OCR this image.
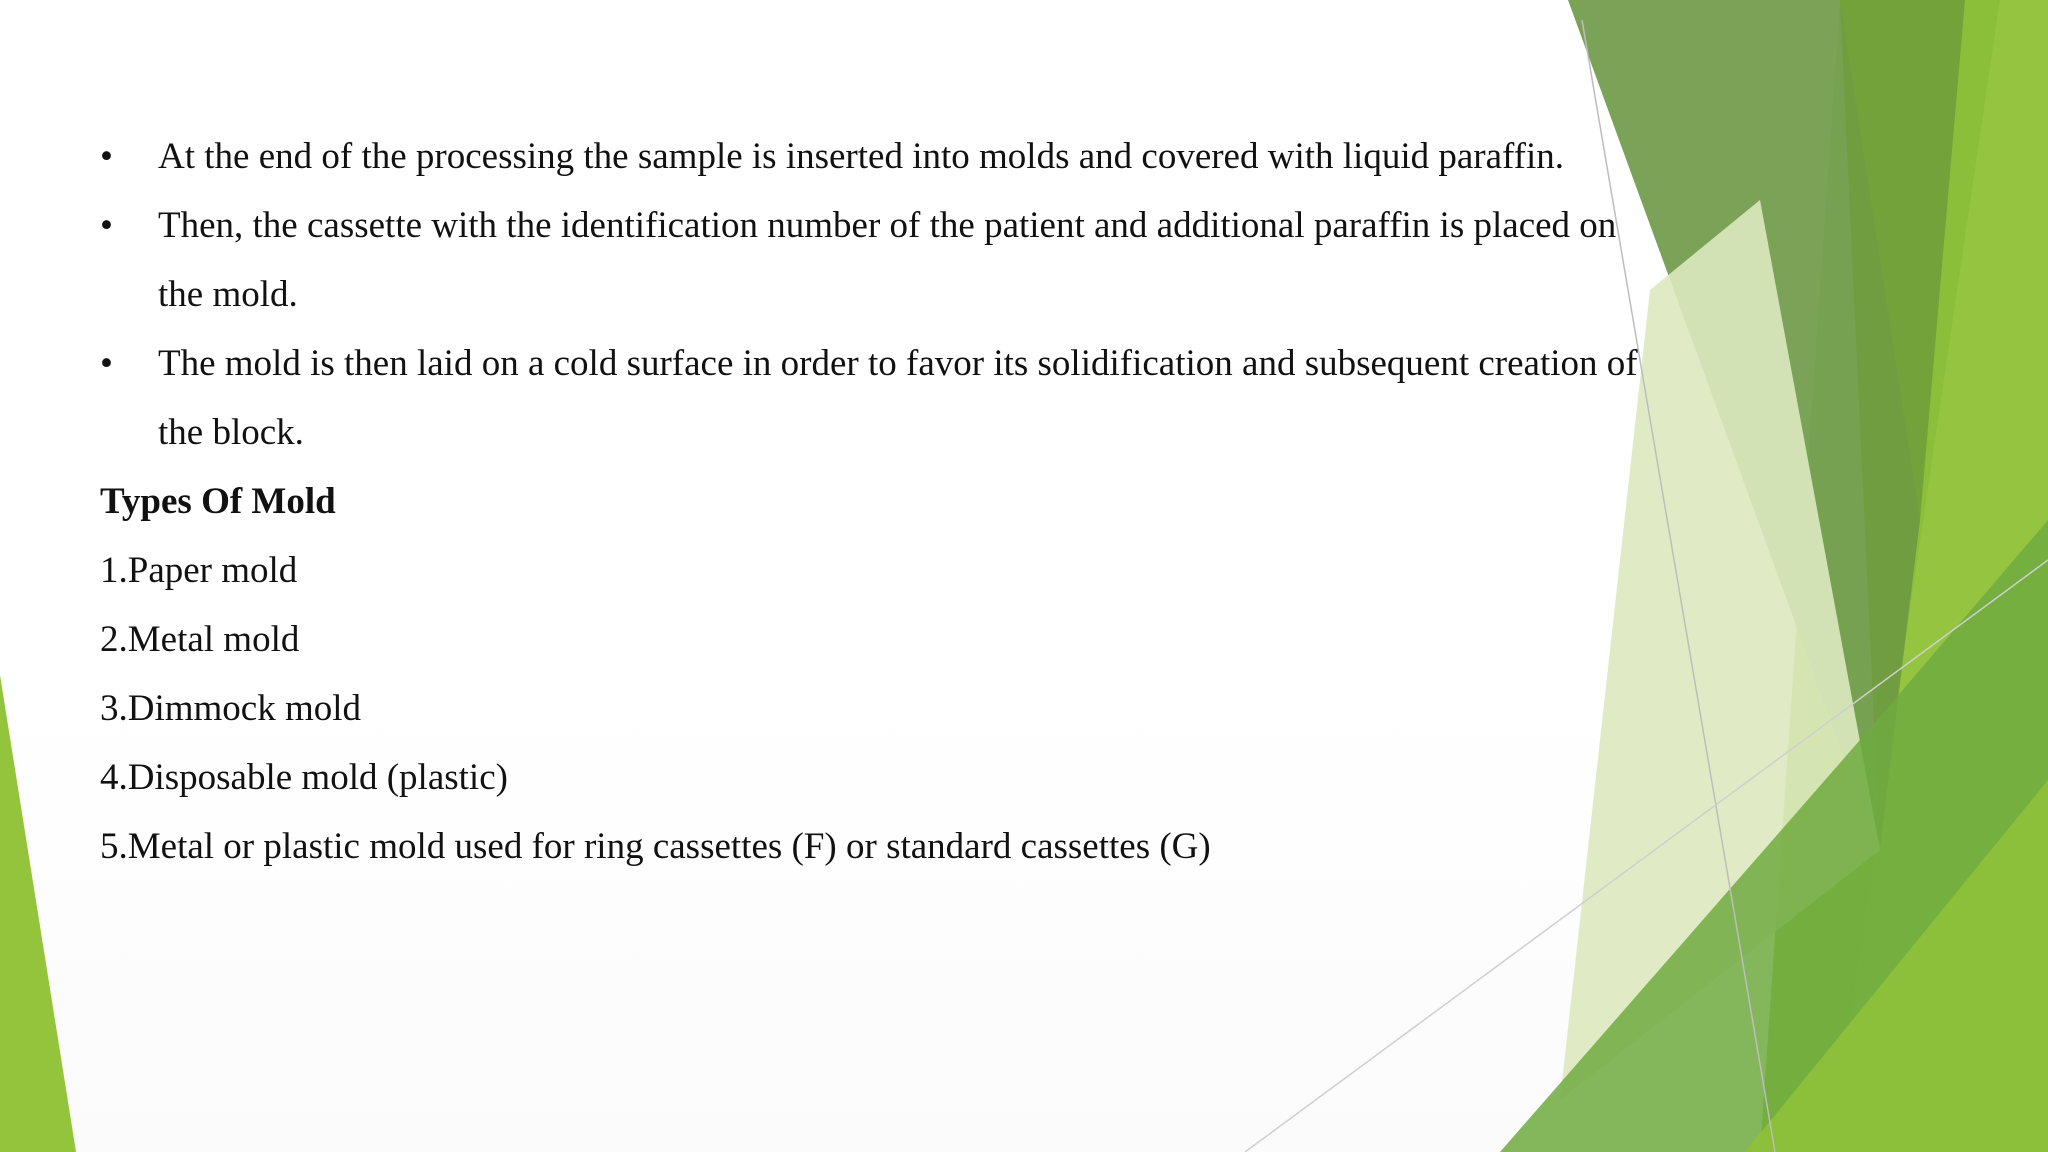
• At the end of the processing the sample is inserted into molds and covered with liquid paraffin.
• Then, the cassette with the identification number of the patient and additional paraffin is placed on the mold.
• The mold is then laid on a cold surface in order to favor its solidification and subsequent creation of the block.
Types Of Mold
1.Paper mold
2.Metal mold
3.Dimmock mold
4.Disposable mold (plastic)
5.Metal or plastic mold used for ring cassettes (F) or standard cassettes (G)
